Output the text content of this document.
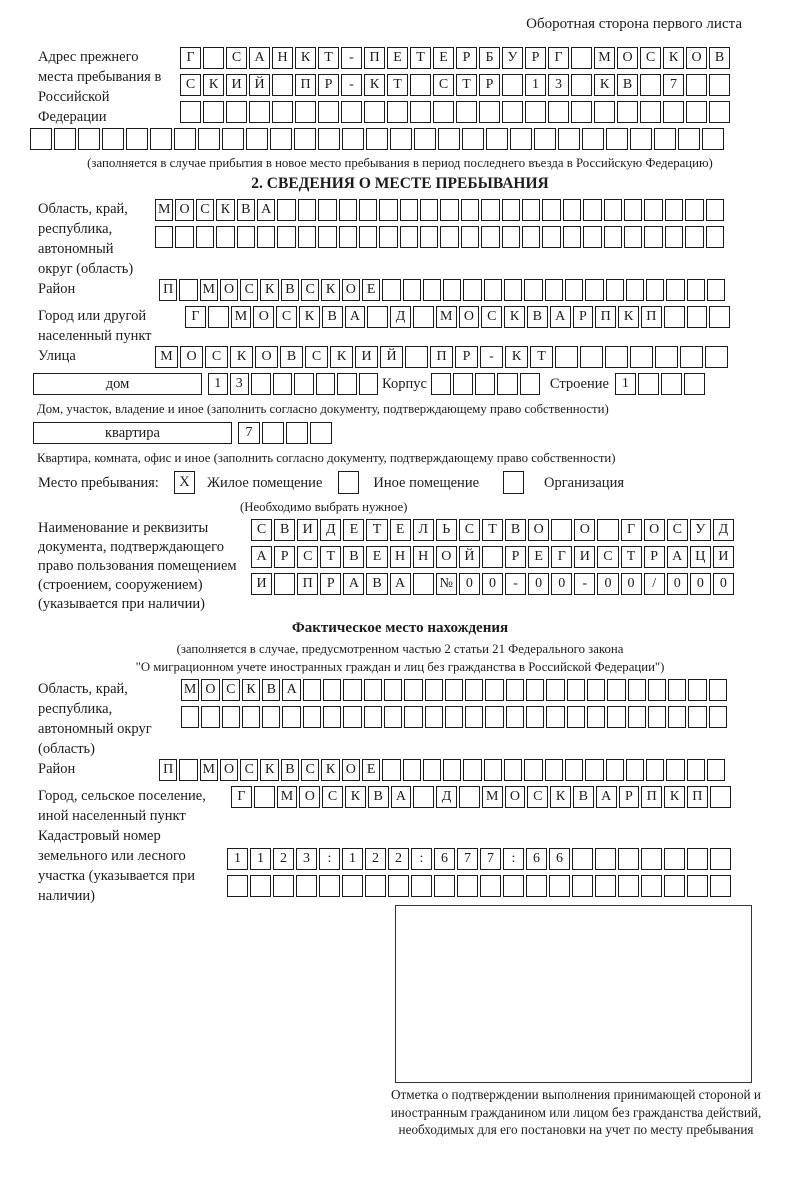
Оборотная сторона первого листа
Адрес прежнего места пребывания в Российской Федерации
Г	С А Н К Т - П Е Т Е Р Б У Р Г	М О С К О В
С К И Й	П Р - К Т	С Т Р	1 3	К В	7
(заполняется в случае прибытия в новое место пребывания в период последнего въезда в Российскую Федерацию)
2. СВЕДЕНИЯ О МЕСТЕ ПРЕБЫВАНИЯ
Область, край, республика, автономный округ (область)
М О С К В А
Район	П М О С К В С К О Е
Город или другой населенный пункт
Г	М О С К В А	Д М О С К В А Р П К П
Улица	М О С К О В С К И Й	П Р - К Т
дом	1 3	Корпус	Строение 1
Дом, участок, владение и иное (заполнить согласно документу, подтверждающему право собственности)
квартира	7
Квартира, комната, офис и иное (заполнить согласно документу, подтверждающему право собственности)
Место пребывания:	X	Жилое помещение	Иное помещение	Организация
(Необходимо выбрать нужное)
Наименование и реквизиты документа, подтверждающего право пользования помещением (строением, сооружением) (указывается при наличии)
С В И Д Е Т Е Л Ь С Т В О	О	Г О С У Д
А Р С Т В Е Н Н О Й	Р Е Г И С Т Р А Ц И
И	П Р А В А № 0 0 - 0 0 - 0 0 / 0 0 0
Фактическое место нахождения
(заполняется в случае, предусмотренном частью 2 статьи 21 Федерального закона
"О миграционном учете иностранных граждан и лиц без гражданства в Российской Федерации")
Область, край, республика, автономный округ (область)
М О С К В А
Район	П М О С К В С К О Е
Город, сельское поселение, иной населенный пункт
Г	М О С К В А	Д М О С К В А Р П К П
Кадастровый номер земельного или лесного участка (указывается при наличии)
1 1 2 3 : 1 2 2 : 6 7 7 : 6 6
Отметка о подтверждении выполнения принимающей стороной и иностранным гражданином или лицом без гражданства действий, необходимых для его постановки на учет по месту пребывания
